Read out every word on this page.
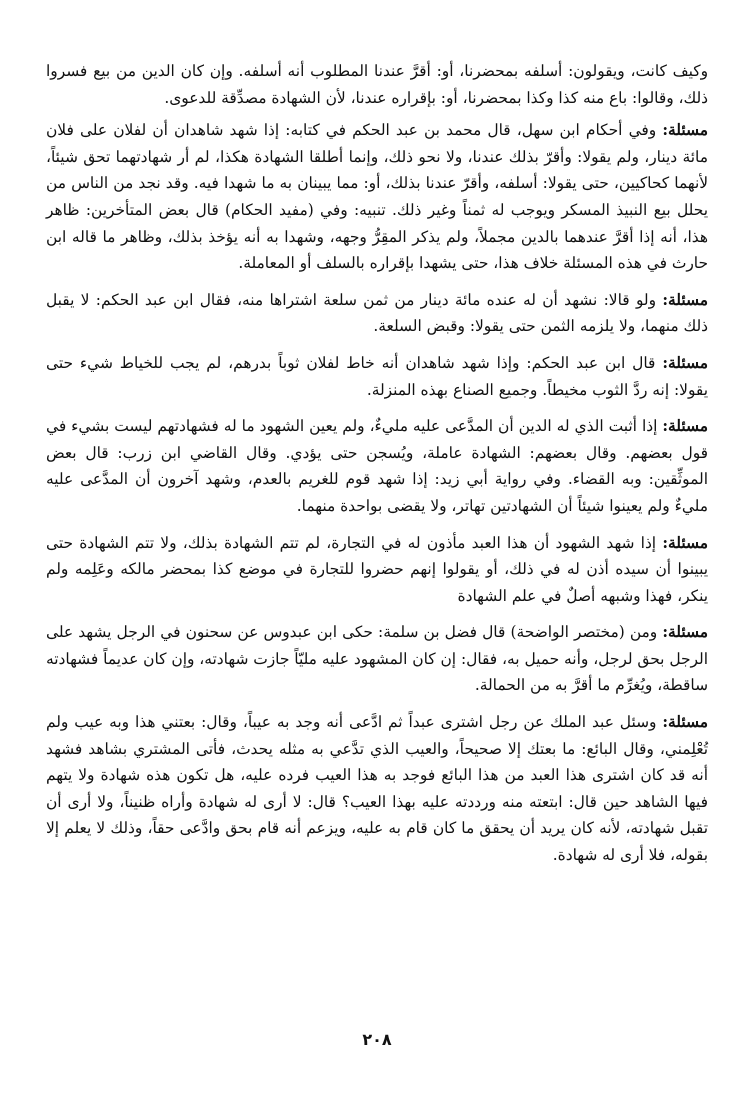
وكيف كانت، ويقولون: أسلفه بمحضرنا، أو: أقرَّ عندنا المطلوب أنه أسلفه. وإن كان الدين من بيع فسروا ذلك، وقالوا: باع منه كذا وكذا بمحضرنا، أو: بإقراره عندنا، لأن الشهادة مصدِّقة للدعوى.

مسئلة: وفي أحكام ابن سهل، قال محمد بن عبد الحكم في كتابه: إذا شهد شاهدان أن لفلان على فلان مائة دينار، ولم يقولا: وأقرّ بذلك عندنا، ولا نحو ذلك، وإنما أطلقا الشهادة هكذا، لم أر شهادتهما تحق شيئاً، لأنهما كحاكيين، حتى يقولا: أسلفه، وأقرّ عندنا بذلك، أو: مما يبينان به ما شهدا فيه. وقد نجد من الناس من يحلل بيع النبيذ المسكر ويوجب له ثمناً وغير ذلك. تنبيه: وفي (مفيد الحكام) قال بعض المتأخرين: ظاهر هذا، أنه إذا أقرَّ عندهما بالدين مجملاً، ولم يذكر المقِرُّ وجهه، وشهدا به أنه يؤخذ بذلك، وظاهر ما قاله ابن حارث في هذه المسئلة خلاف هذا، حتى يشهدا بإقراره بالسلف أو المعاملة.

مسئلة: ولو قالا: نشهد أن له عنده مائة دينار من ثمن سلعة اشتراها منه، فقال ابن عبد الحكم: لا يقبل ذلك منهما، ولا يلزمه الثمن حتى يقولا: وقبض السلعة.

مسئلة: قال ابن عبد الحكم: وإذا شهد شاهدان أنه خاط لفلان ثوباً بدرهم، لم يجب للخياط شيء حتى يقولا: إنه ردَّ الثوب مخيطاً. وجميع الصناع بهذه المنزلة.

مسئلة: إذا أثبت الذي له الدين أن المدَّعى عليه مليءٌ، ولم يعين الشهود ما له فشهادتهم ليست بشيء في قول بعضهم. وقال بعضهم: الشهادة عاملة، ويُسجن حتى يؤدي. وقال القاضي ابن زرب: قال بعض الموثِّقين: وبه القضاء. وفي رواية أبي زيد: إذا شهد قوم للغريم بالعدم، وشهد آخرون أن المدَّعى عليه مليءٌ ولم يعينوا شيئاً أن الشهادتين تهاتر، ولا يقضى بواحدة منهما.

مسئلة: إذا شهد الشهود أن هذا العبد مأذون له في التجارة، لم تتم الشهادة بذلك، ولا تتم الشهادة حتى يبينوا أن سيده أذن له في ذلك، أو يقولوا إنهم حضروا للتجارة في موضع كذا بمحضر مالكه وعَلِمه ولم ينكر، فهذا وشبهه أصلٌ في علم الشهادة

مسئلة: ومن (مختصر الواضحة) قال فضل بن سلمة: حكى ابن عبدوس عن سحنون في الرجل يشهد على الرجل بحق لرجل، وأنه حميل به، فقال: إن كان المشهود عليه مليّاً جازت شهادته، وإن كان عديماً فشهادته ساقطة، ويُغرِّم ما أقرَّ به من الحمالة.

مسئلة: وسئل عبد الملك عن رجل اشترى عبداً ثم ادَّعى أنه وجد به عيباً، وقال: بعتني هذا وبه عيب ولم تُعْلِمني، وقال البائع: ما بعتك إلا صحيحاً، والعيب الذي تدَّعي به مثله يحدث، فأتى المشتري بشاهد فشهد أنه قد كان اشترى هذا العبد من هذا البائع فوجد به هذا العيب فرده عليه، هل تكون هذه شهادة ولا يتهم فيها الشاهد حين قال: ابتعته منه ورددته عليه بهذا العيب؟ قال: لا أرى له شهادة وأراه ظنيناً، ولا أرى أن تقبل شهادته، لأنه كان يريد أن يحقق ما كان قام به عليه، ويزعم أنه قام بحق وادَّعى حقاً، وذلك لا يعلم إلا بقوله، فلا أرى له شهادة.

٢٠٨
